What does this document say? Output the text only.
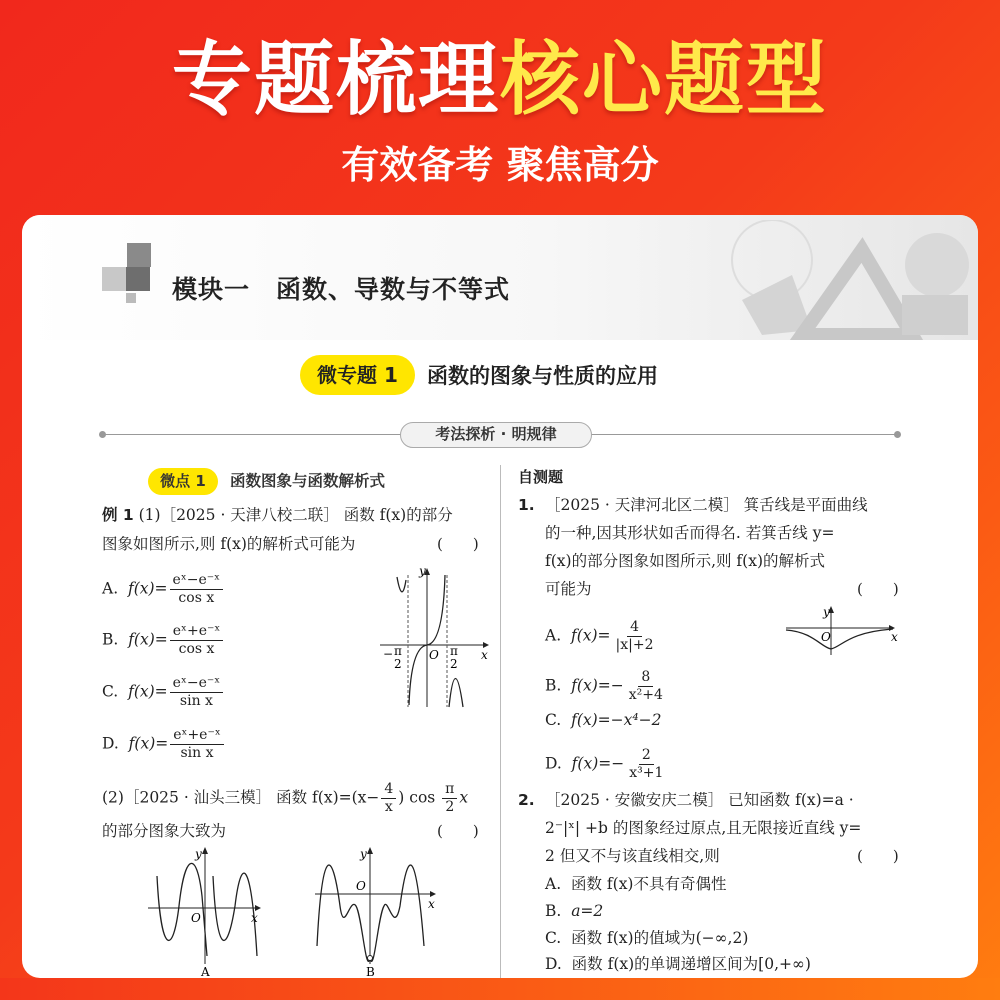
专题梳理核心题型
有效备考 聚焦高分
模块一　函数、导数与不等式
微专题 1	函数的图象与性质的应用
考法探析 · 明规律
微点 1	函数图象与函数解析式
例 1 (1)［2025 · 天津八校二联］ 函数 f(x)的部分
图象如图所示,则 f(x)的解析式可能为	(　　)
A. $f(x)= \frac{\text{eˣ−e⁻ˣ}}{\text{cos x}}$
B. $f(x)= \frac{\text{eˣ+e⁻ˣ}}{\text{cos x}}$
C. $f(x)= \frac{\text{eˣ−e⁻ˣ}}{\text{sin x}}$
D. $f(x)= \frac{\text{eˣ+e⁻ˣ}}{\text{sin x}}$
y
x
O
− π
2
π
2
(2)［2025 · 汕头三模］ 函数 $f(x)=(x- \frac{4}{x}$ ) $\cos \frac{\pi}{2}$ x
的部分图象大致为	(　　)
y
x
O
A
y
x
O
B
自测题
1. ［2025 · 天津河北区二模］ 箕舌线是平面曲线
的一种,因其形状如舌而得名. 若箕舌线 y=
f(x)的部分图象如图所示,则 f(x)的解析式
可能为	(　　)
A. $f(x)= \frac{4}{|x|+2}$
B. $f(x)=- \frac{8}{\text{x²+4}}$
C. f(x)=−x⁴−2
D. $f(x)=- \frac{2}{\text{x³+1}}$
y
x
O
2. ［2025 · 安徽安庆二模］ 已知函数 f(x)=a ·
2⁻|ˣ| +b 的图象经过原点,且无限接近直线 y=
2 但又不与该直线相交,则	(　　)
A. 函数 f(x)不具有奇偶性
B. a=2
C. 函数 f(x)的值域为(−∞,2)
D. 函数 f(x)的单调递增区间为[0,+∞)
